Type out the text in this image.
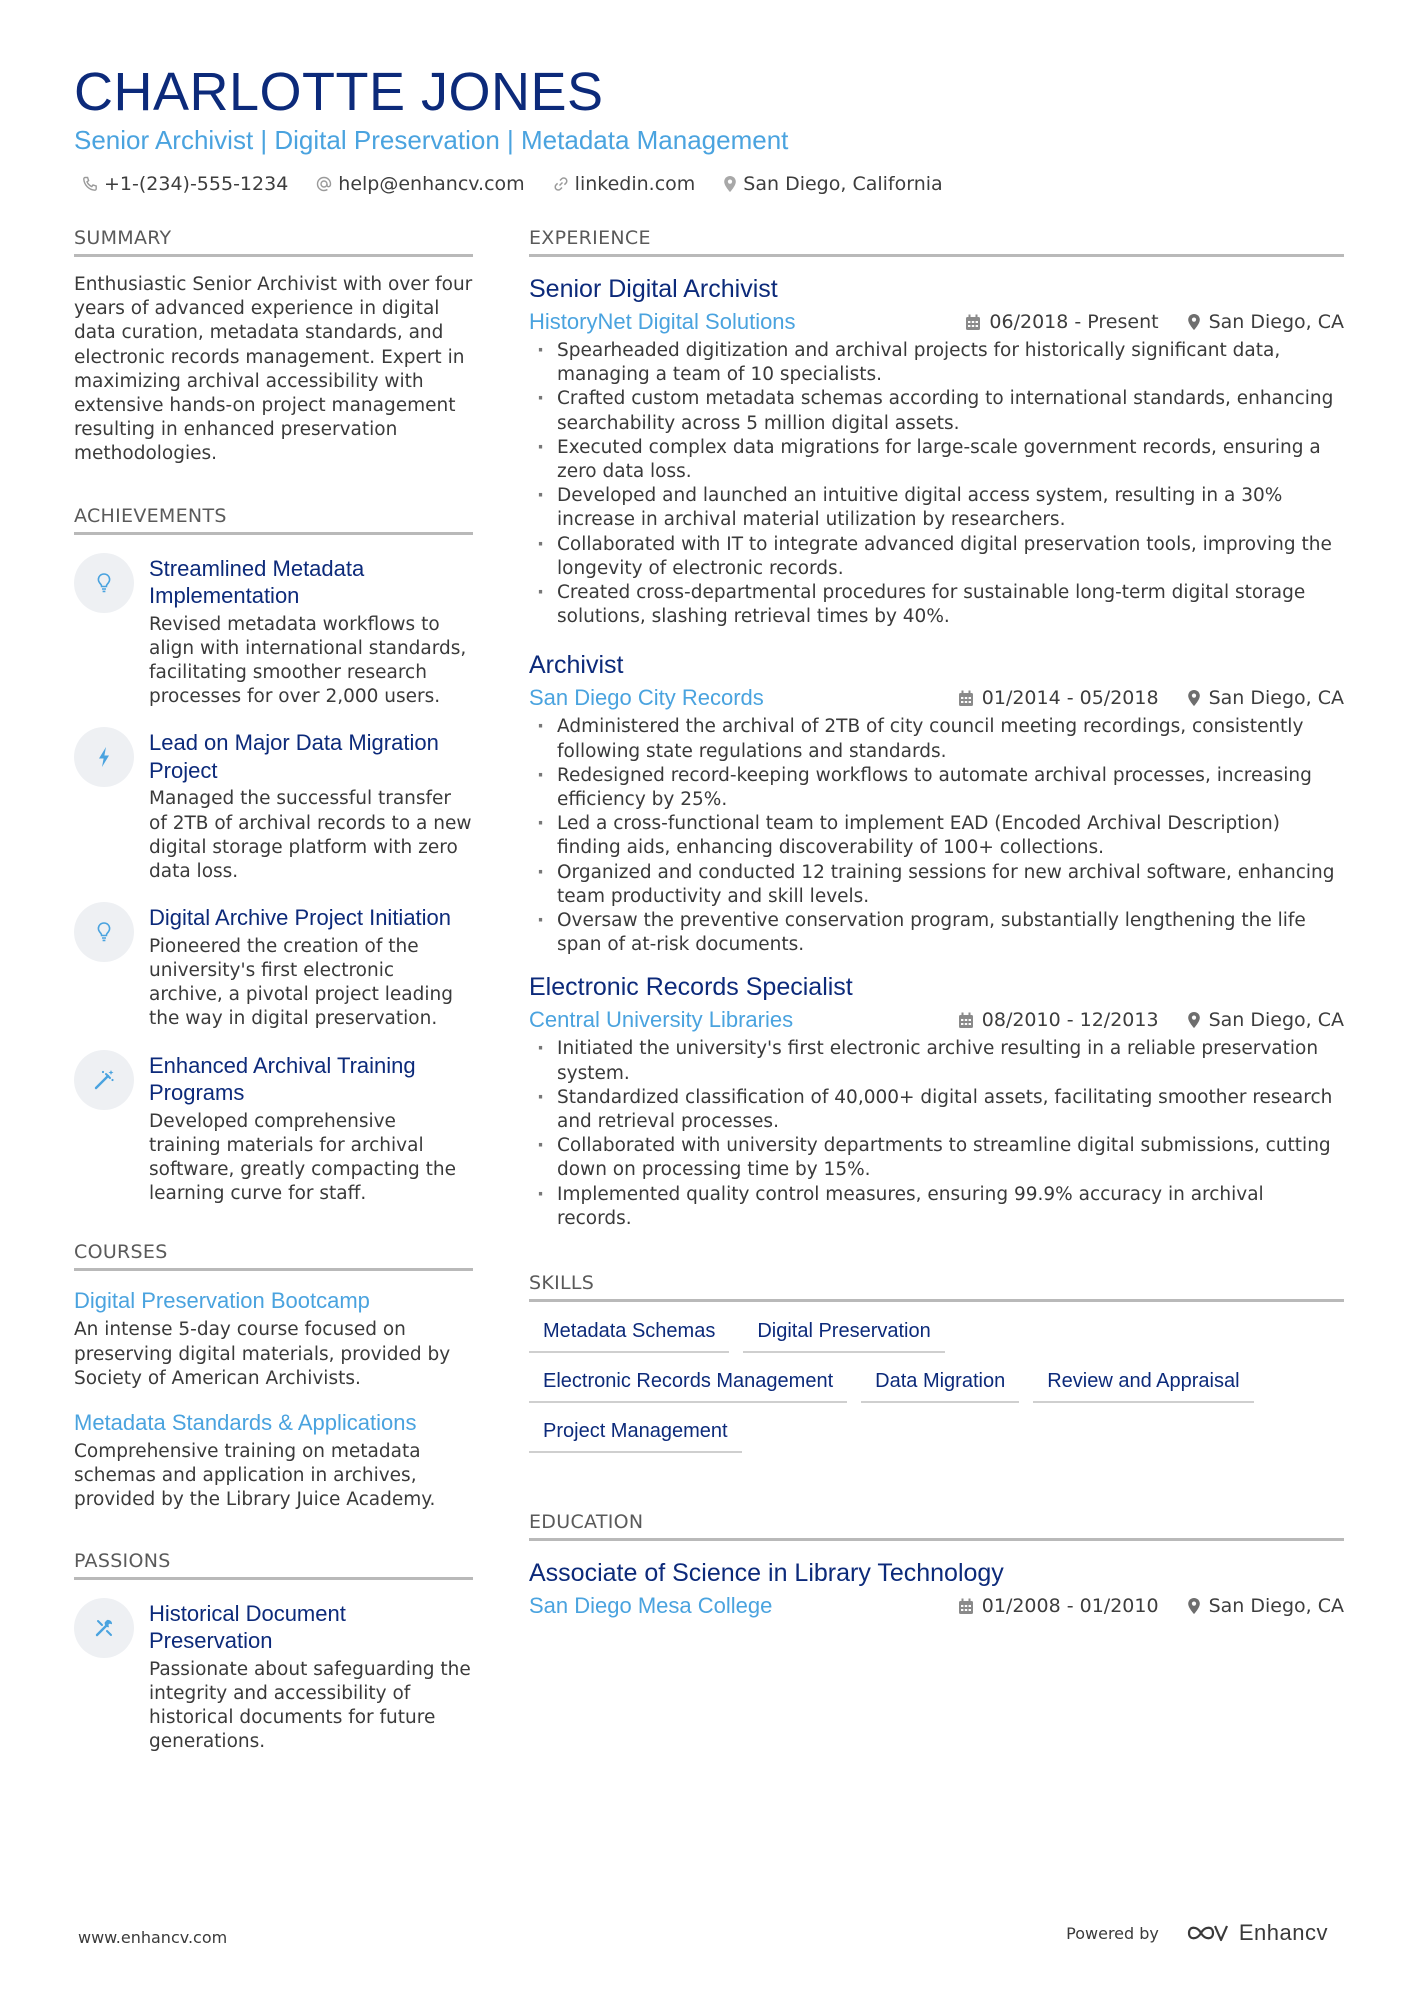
CHARLOTTE JONES
Senior Archivist | Digital Preservation | Metadata Management
+1-(234)-555-1234	help@enhancv.com	linkedin.com	San Diego, California
SUMMARY
Enthusiastic Senior Archivist with over four years of advanced experience in digital data curation, metadata standards, and electronic records management. Expert in maximizing archival accessibility with extensive hands-on project management resulting in enhanced preservation methodologies.
ACHIEVEMENTS
Streamlined Metadata Implementation
Revised metadata workflows to align with international standards, facilitating smoother research processes for over 2,000 users.
Lead on Major Data Migration Project
Managed the successful transfer of 2TB of archival records to a new digital storage platform with zero data loss.
Digital Archive Project Initiation
Pioneered the creation of the university's first electronic archive, a pivotal project leading the way in digital preservation.
Enhanced Archival Training Programs
Developed comprehensive training materials for archival software, greatly compacting the learning curve for staff.
COURSES
Digital Preservation Bootcamp
An intense 5-day course focused on preserving digital materials, provided by Society of American Archivists.
Metadata Standards & Applications
Comprehensive training on metadata schemas and application in archives, provided by the Library Juice Academy.
PASSIONS
Historical Document Preservation
Passionate about safeguarding the integrity and accessibility of historical documents for future generations.
EXPERIENCE
Senior Digital Archivist
HistoryNet Digital Solutions	06/2018 - Present	San Diego, CA
· Spearheaded digitization and archival projects for historically significant data, managing a team of 10 specialists.
· Crafted custom metadata schemas according to international standards, enhancing searchability across 5 million digital assets.
· Executed complex data migrations for large-scale government records, ensuring a zero data loss.
· Developed and launched an intuitive digital access system, resulting in a 30% increase in archival material utilization by researchers.
· Collaborated with IT to integrate advanced digital preservation tools, improving the longevity of electronic records.
· Created cross-departmental procedures for sustainable long-term digital storage solutions, slashing retrieval times by 40%.
Archivist
San Diego City Records	01/2014 - 05/2018	San Diego, CA
· Administered the archival of 2TB of city council meeting recordings, consistently following state regulations and standards.
· Redesigned record-keeping workflows to automate archival processes, increasing efficiency by 25%.
· Led a cross-functional team to implement EAD (Encoded Archival Description) finding aids, enhancing discoverability of 100+ collections.
· Organized and conducted 12 training sessions for new archival software, enhancing team productivity and skill levels.
· Oversaw the preventive conservation program, substantially lengthening the life span of at-risk documents.
Electronic Records Specialist
Central University Libraries	08/2010 - 12/2013	San Diego, CA
· Initiated the university's first electronic archive resulting in a reliable preservation system.
· Standardized classification of 40,000+ digital assets, facilitating smoother research and retrieval processes.
· Collaborated with university departments to streamline digital submissions, cutting down on processing time by 15%.
· Implemented quality control measures, ensuring 99.9% accuracy in archival records.
SKILLS
Metadata Schemas	Digital Preservation
Electronic Records Management	Data Migration	Review and Appraisal
Project Management
EDUCATION
Associate of Science in Library Technology
San Diego Mesa College	01/2008 - 01/2010	San Diego, CA
www.enhancv.com	Powered by	Enhancv
